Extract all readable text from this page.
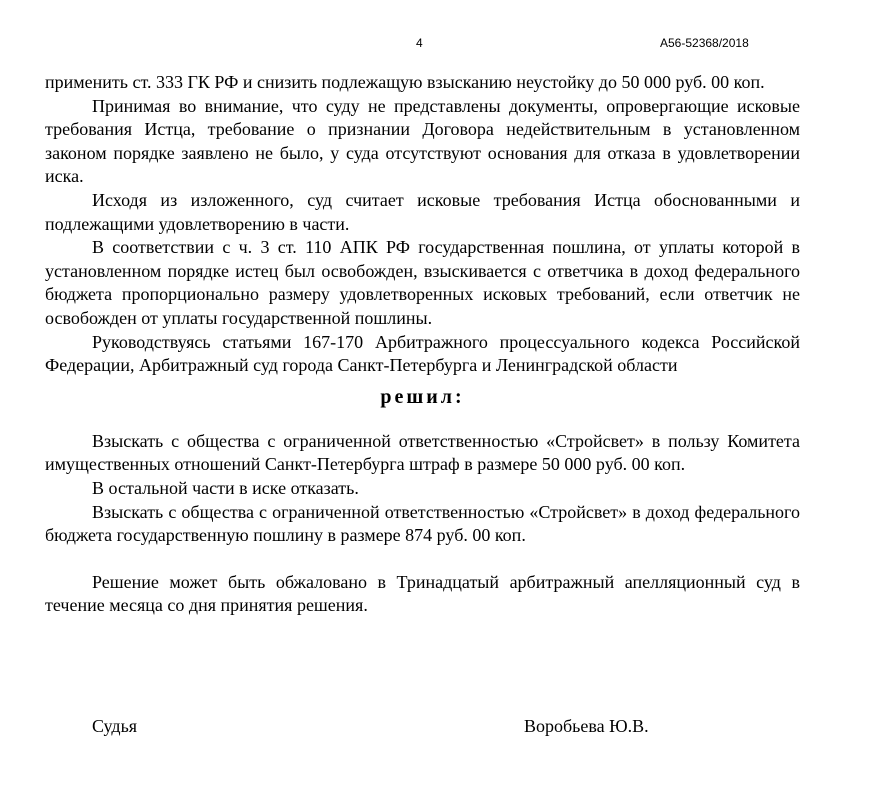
4	А56-52368/2018

применить ст. 333 ГК РФ и снизить подлежащую взысканию неустойку до 50 000 руб. 00 коп.

Принимая во внимание, что суду не представлены документы, опровергающие исковые требования Истца, требование о признании Договора недействительным в установленном законом порядке заявлено не было, у суда отсутствуют основания для отказа в удовлетворении иска.

Исходя из изложенного, суд считает исковые требования Истца обоснованными и подлежащими удовлетворению в части.

В соответствии с ч. 3 ст. 110 АПК РФ государственная пошлина, от уплаты которой в установленном порядке истец был освобожден, взыскивается с ответчика в доход федерального бюджета пропорционально размеру удовлетворенных исковых требований, если ответчик не освобожден от уплаты государственной пошлины.

Руководствуясь статьями 167-170 Арбитражного процессуального кодекса Российской Федерации, Арбитражный суд города Санкт-Петербурга и Ленинградской области

решил:

Взыскать с общества с ограниченной ответственностью «Стройсвет» в пользу Комитета имущественных отношений Санкт-Петербурга штраф в размере 50 000 руб. 00 коп.

В остальной части в иске отказать.

Взыскать с общества с ограниченной ответственностью «Стройсвет» в доход федерального бюджета государственную пошлину в размере 874 руб. 00 коп.

Решение может быть обжаловано в Тринадцатый арбитражный апелляционный суд в течение месяца со дня принятия решения.

Судья	Воробьева Ю.В.
